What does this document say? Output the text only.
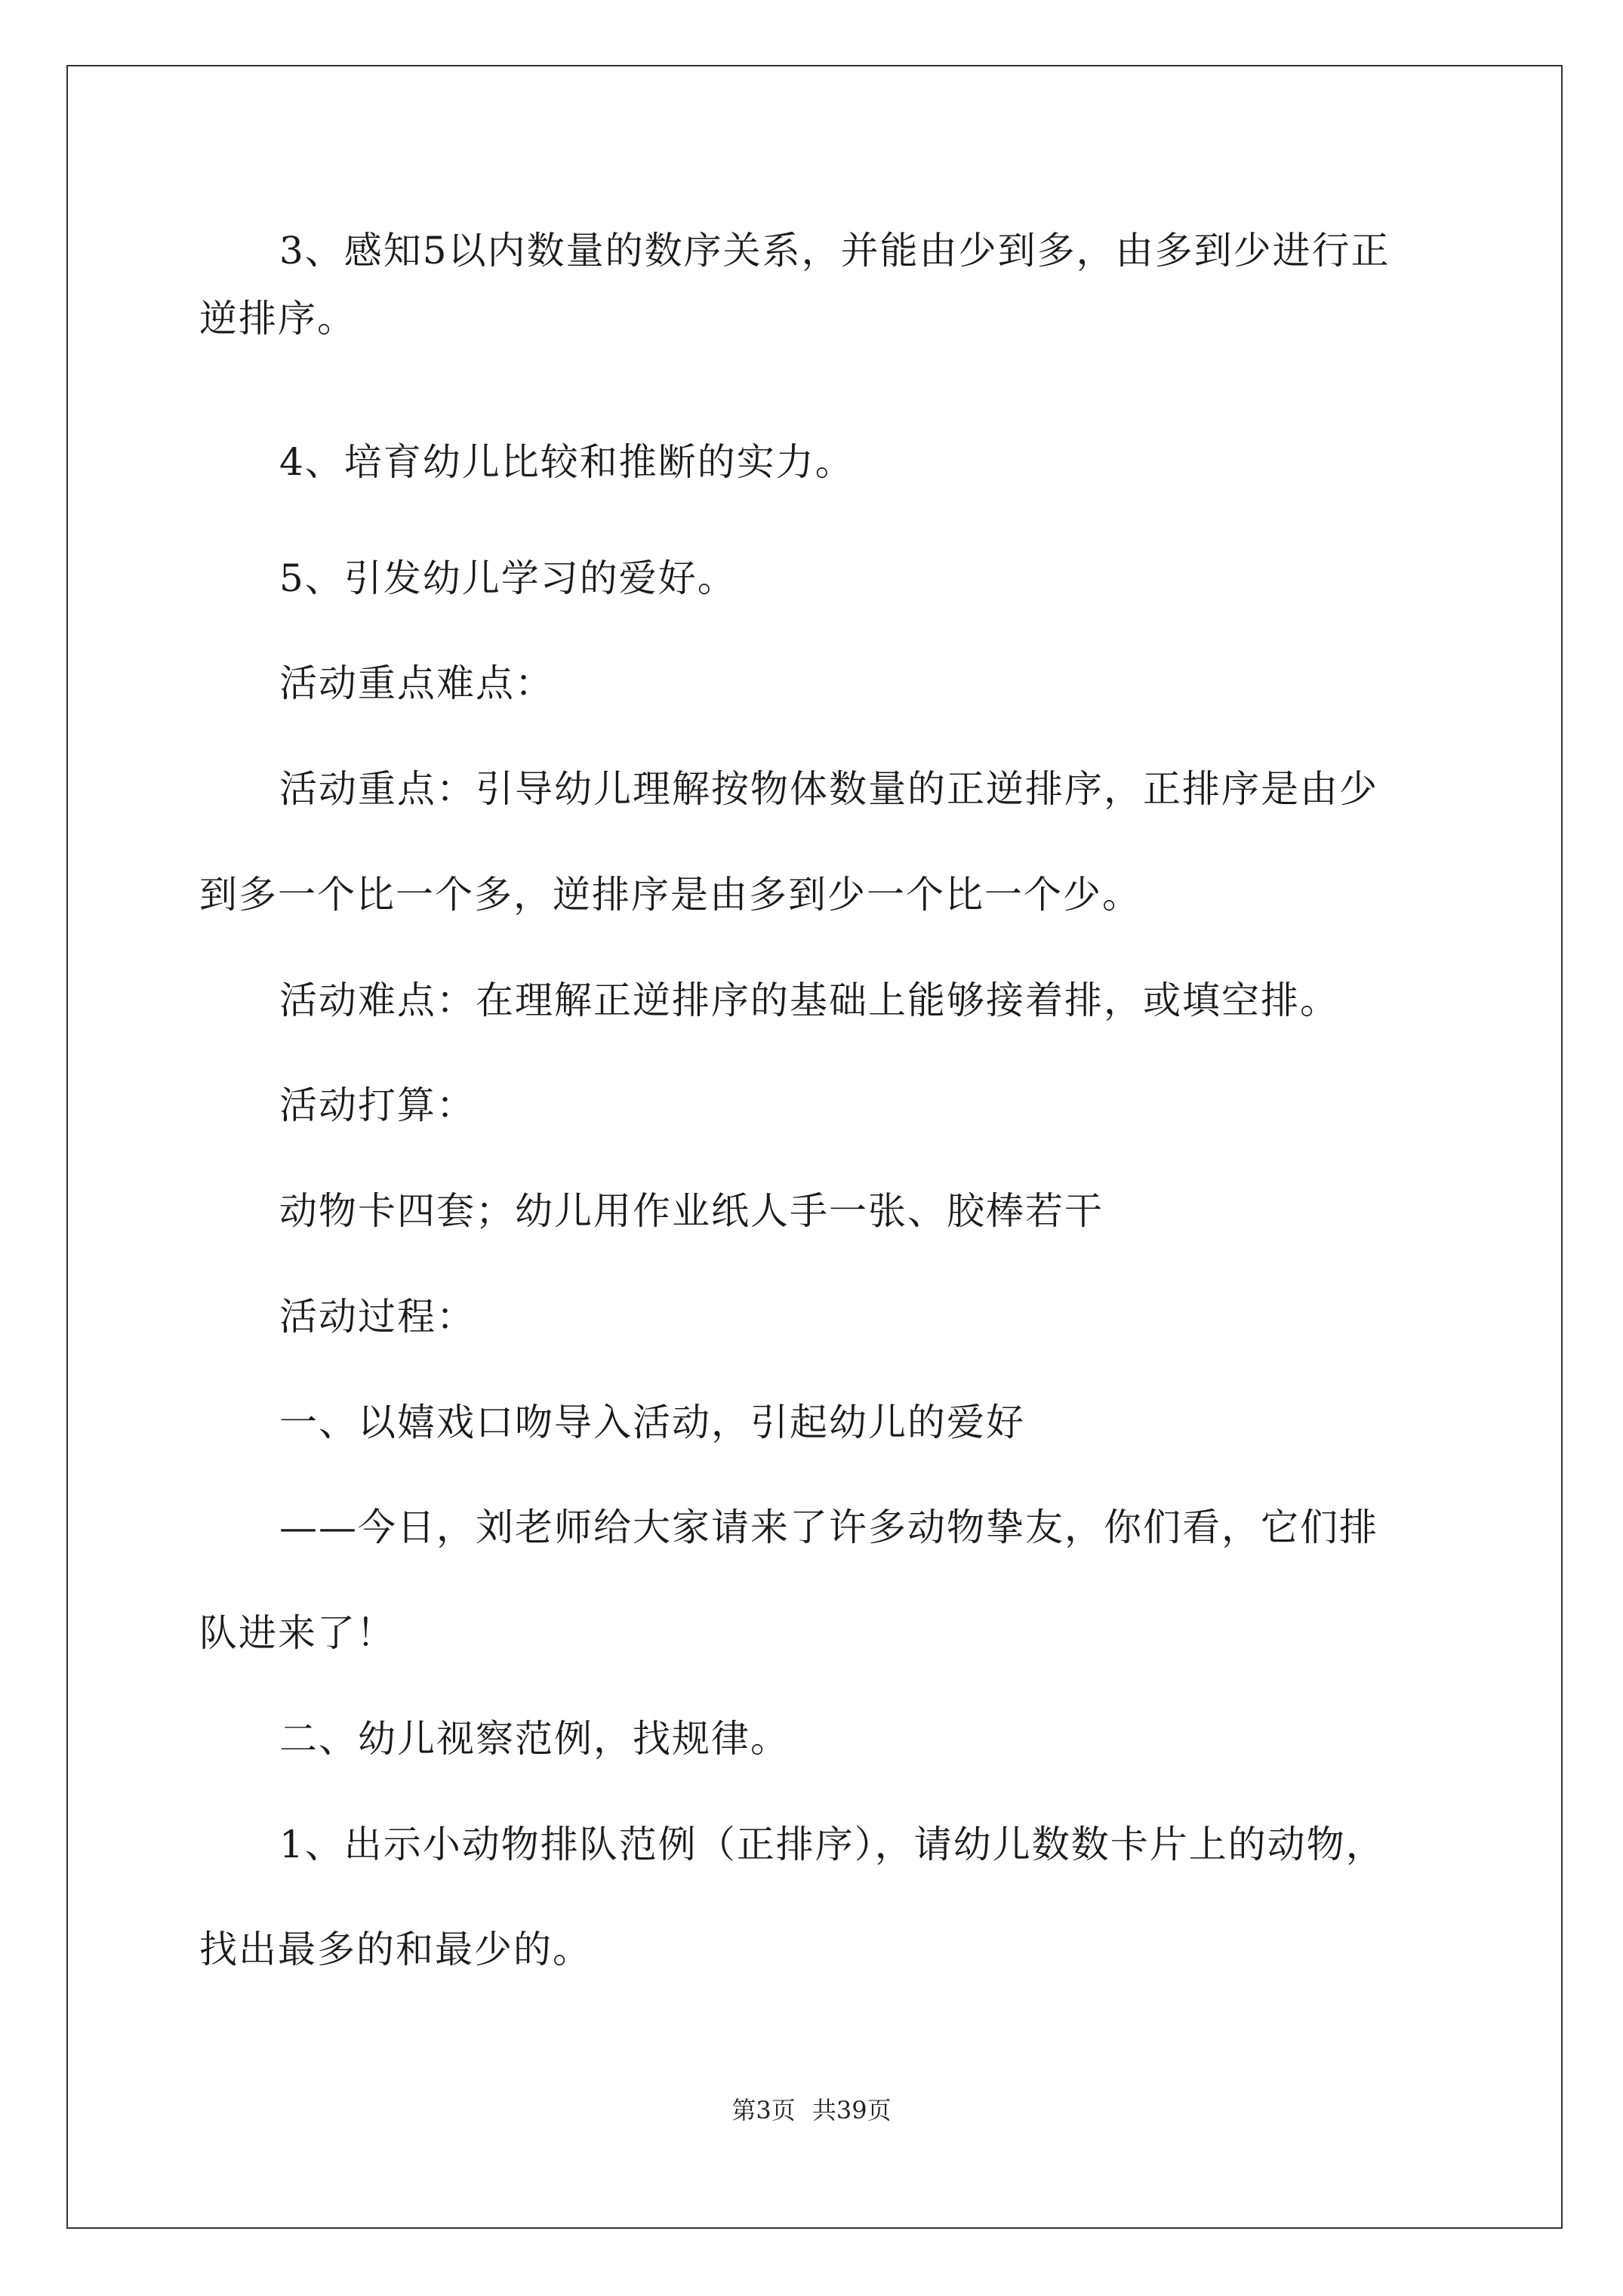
3、感知5以内数量的数序关系，并能由少到多，由多到少进行正
逆排序。
4、培育幼儿比较和推断的实力。
5、引发幼儿学习的爱好。
活动重点难点：
活动重点：引导幼儿理解按物体数量的正逆排序，正排序是由少
到多一个比一个多，逆排序是由多到少一个比一个少。
活动难点：在理解正逆排序的基础上能够接着排，或填空排。
活动打算：
动物卡四套；幼儿用作业纸人手一张、胶棒若干
活动过程：
一、以嬉戏口吻导入活动，引起幼儿的爱好
——今日，刘老师给大家请来了许多动物挚友，你们看，它们排
队进来了！
二、幼儿视察范例，找规律。
1、出示小动物排队范例（正排序），请幼儿数数卡片上的动物，
找出最多的和最少的。
第3页 共39页
